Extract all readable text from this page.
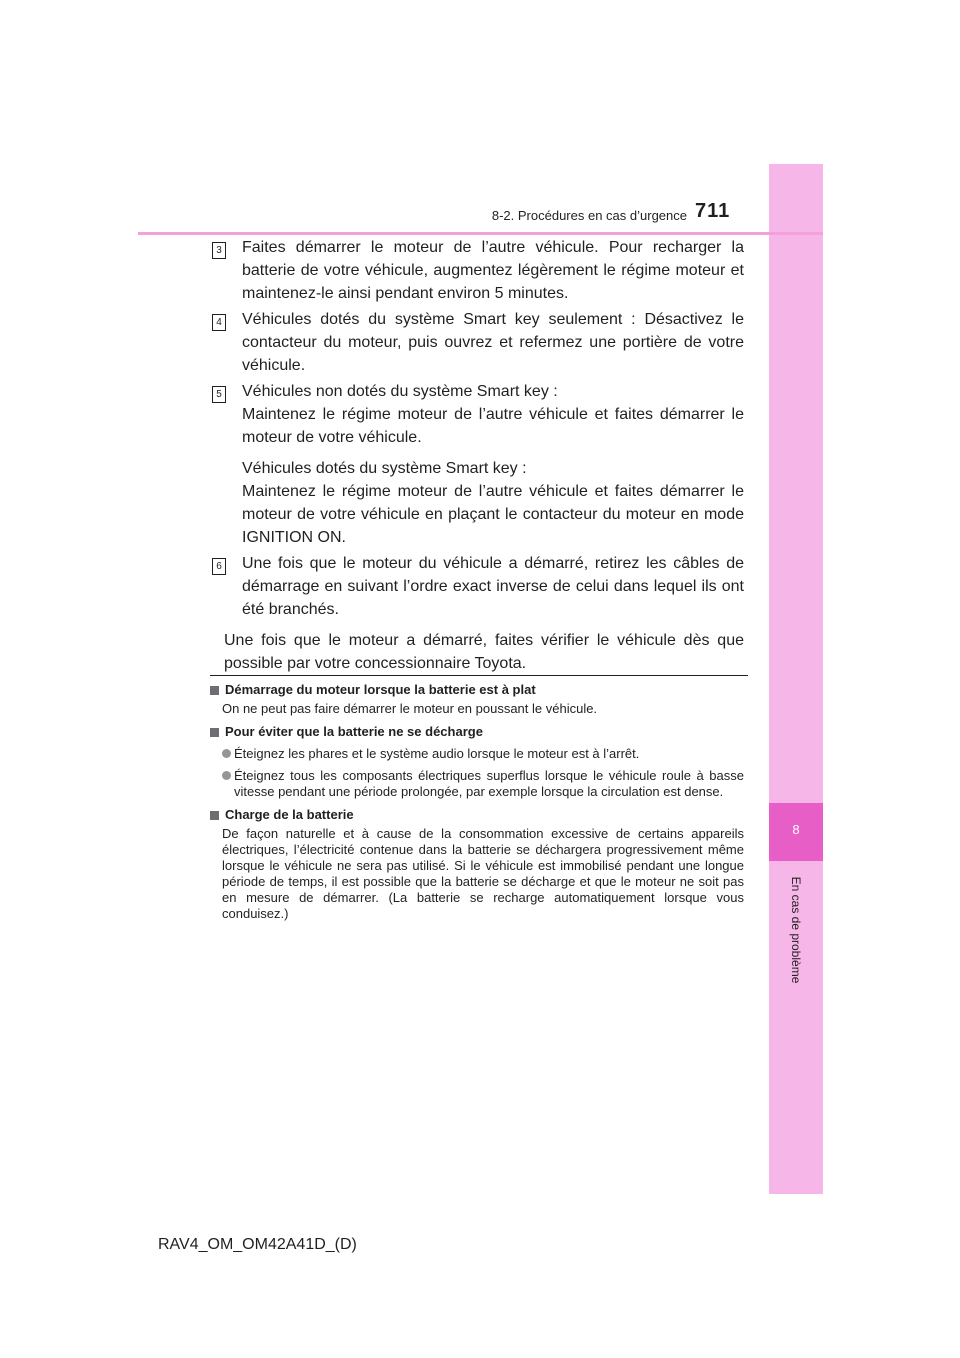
8
En cas de problème
8-2. Procédures en cas d’urgence 711
3 Faites démarrer le moteur de l’autre véhicule. Pour recharger la batterie de votre véhicule, augmentez légèrement le régime moteur et maintenez-le ainsi pendant environ 5 minutes.

4 Véhicules dotés du système Smart key seulement : Désactivez le contacteur du moteur, puis ouvrez et refermez une portière de votre véhicule.

5 Véhicules non dotés du système Smart key :
Maintenez le régime moteur de l’autre véhicule et faites démarrer le moteur de votre véhicule.

Véhicules dotés du système Smart key :
Maintenez le régime moteur de l’autre véhicule et faites démarrer le moteur de votre véhicule en plaçant le contacteur du moteur en mode IGNITION ON.

6 Une fois que le moteur du véhicule a démarré, retirez les câbles de démarrage en suivant l’ordre exact inverse de celui dans lequel ils ont été branchés.

Une fois que le moteur a démarré, faites vérifier le véhicule dès que possible par votre concessionnaire Toyota.
Démarrage du moteur lorsque la batterie est à plat
On ne peut pas faire démarrer le moteur en poussant le véhicule.
Pour éviter que la batterie ne se décharge
Éteignez les phares et le système audio lorsque le moteur est à l’arrêt.
Éteignez tous les composants électriques superflus lorsque le véhicule roule à basse vitesse pendant une période prolongée, par exemple lorsque la circulation est dense.
Charge de la batterie
De façon naturelle et à cause de la consommation excessive de certains appareils électriques, l’électricité contenue dans la batterie se déchargera progressivement même lorsque le véhicule ne sera pas utilisé. Si le véhicule est immobilisé pendant une longue période de temps, il est possible que la batterie se décharge et que le moteur ne soit pas en mesure de démarrer. (La batterie se recharge automatiquement lorsque vous conduisez.)
RAV4_OM_OM42A41D_(D)
